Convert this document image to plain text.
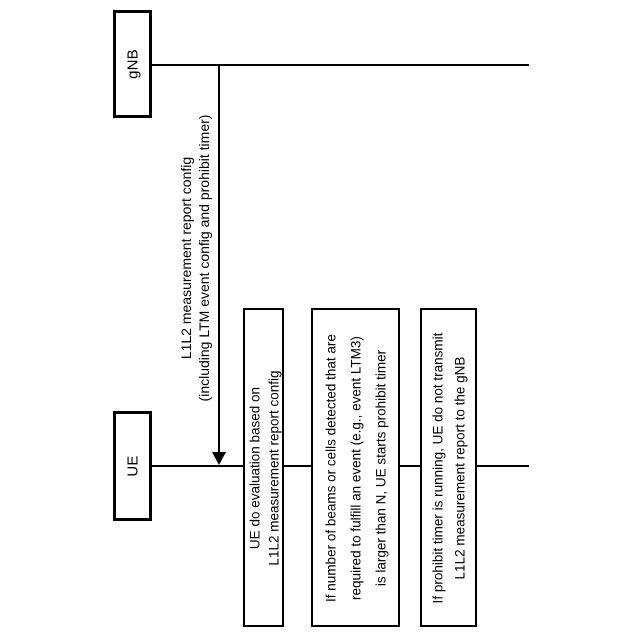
L1L2 measurement report config (including LTM event config and prohibit timer)
gNB
UE	UE do evaluation based on L1L2 measurement report config	If number of beams or cells detected that are required to fulfill an event (e.g., event LTM3) is larger than N, UE starts prohibit timer	If prohibit timer is running, UE do not transmit L1L2 measurement report to the gNB
